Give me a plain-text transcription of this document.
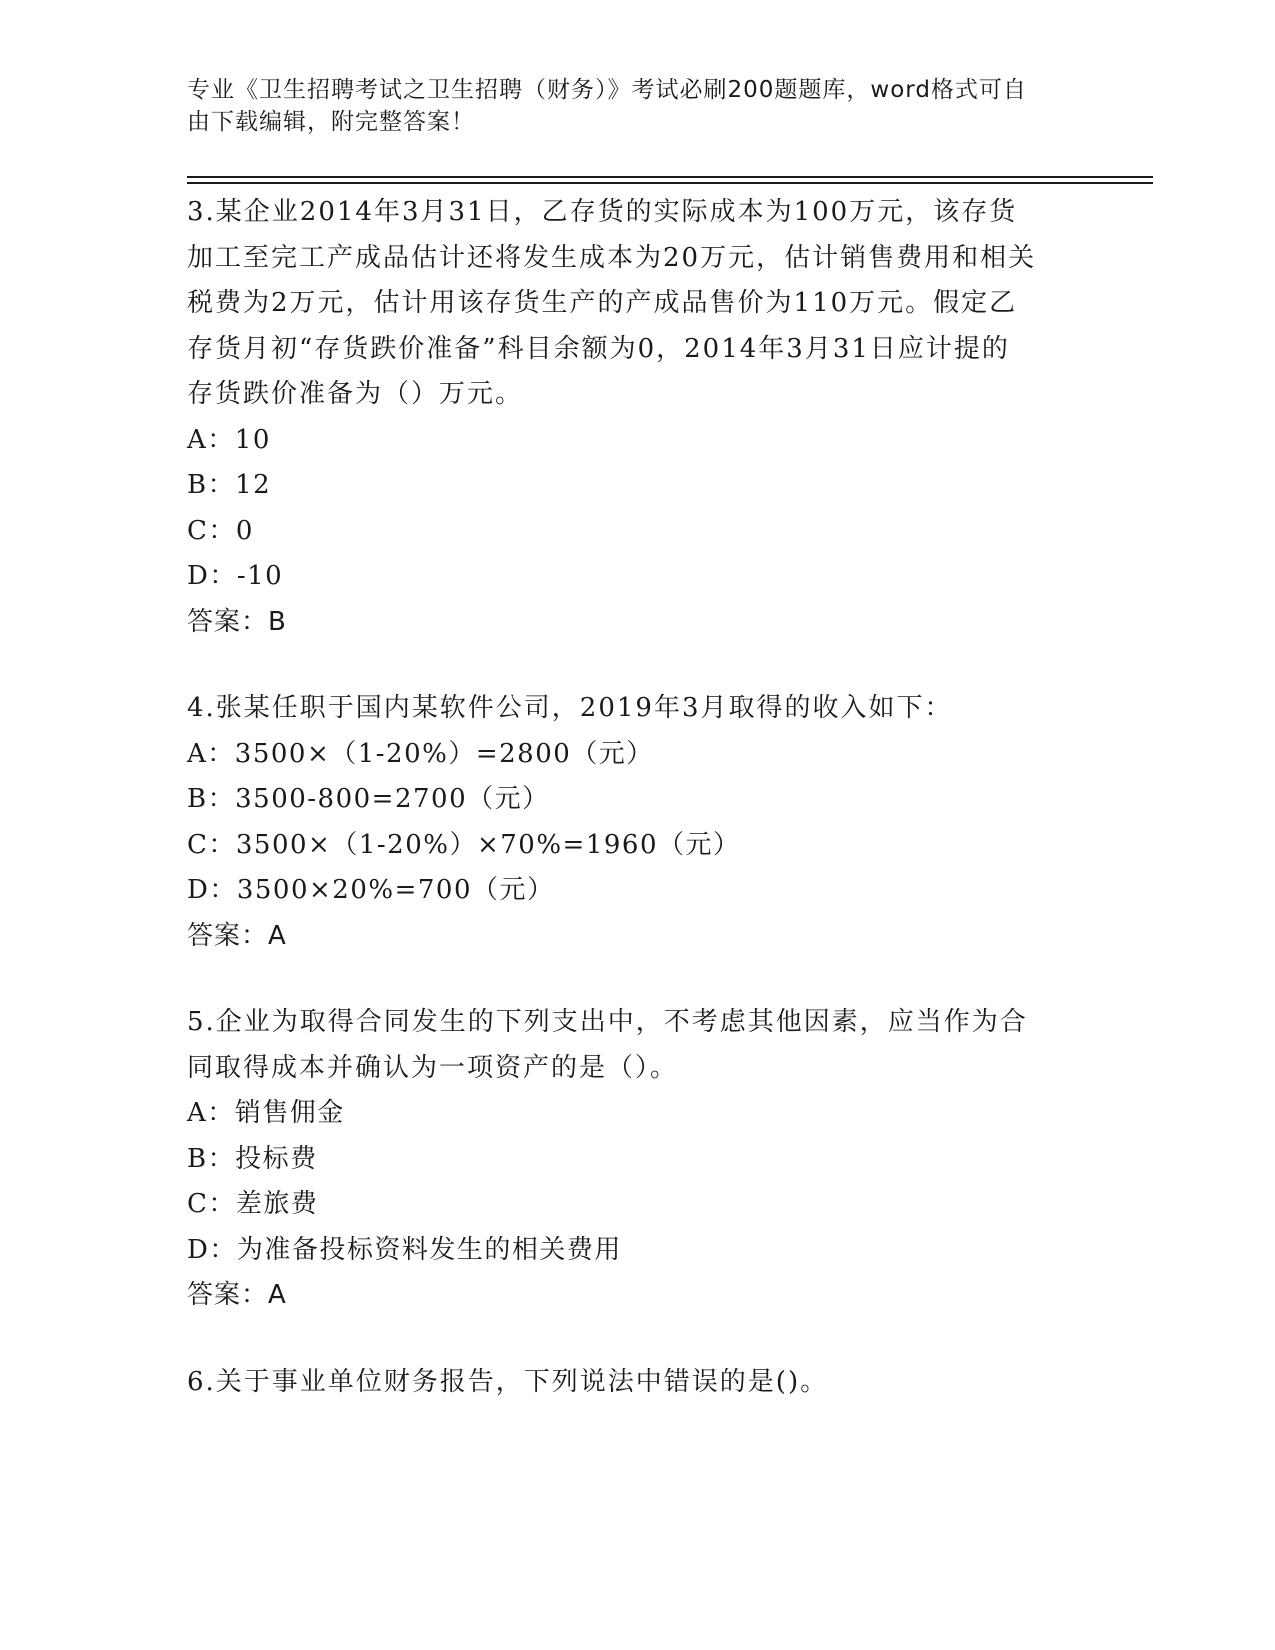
专业《卫生招聘考试之卫生招聘（财务）》考试必刷200题题库，word格式可自
由下载编辑，附完整答案！

3.某企业2014年3月31日，乙存货的实际成本为100万元，该存货

加工至完工产成品估计还将发生成本为20万元，估计销售费用和相关

税费为2万元，估计用该存货生产的产成品售价为110万元。假定乙

存货月初“存货跌价准备”科目余额为0，2014年3月31日应计提的

存货跌价准备为（）万元。

A：10

B：12

C：0

D：-10

答案：B

4.张某任职于国内某软件公司，2019年3月取得的收入如下：

A：3500×（1-20%）=2800（元）

B：3500-800=2700（元）

C：3500×（1-20%）×70%=1960（元）

D：3500×20%=700（元）

答案：A

5.企业为取得合同发生的下列支出中，不考虑其他因素，应当作为合

同取得成本并确认为一项资产的是（）。

A：销售佣金

B：投标费

C：差旅费

D：为准备投标资料发生的相关费用

答案：A

6.关于事业单位财务报告，下列说法中错误的是()。
